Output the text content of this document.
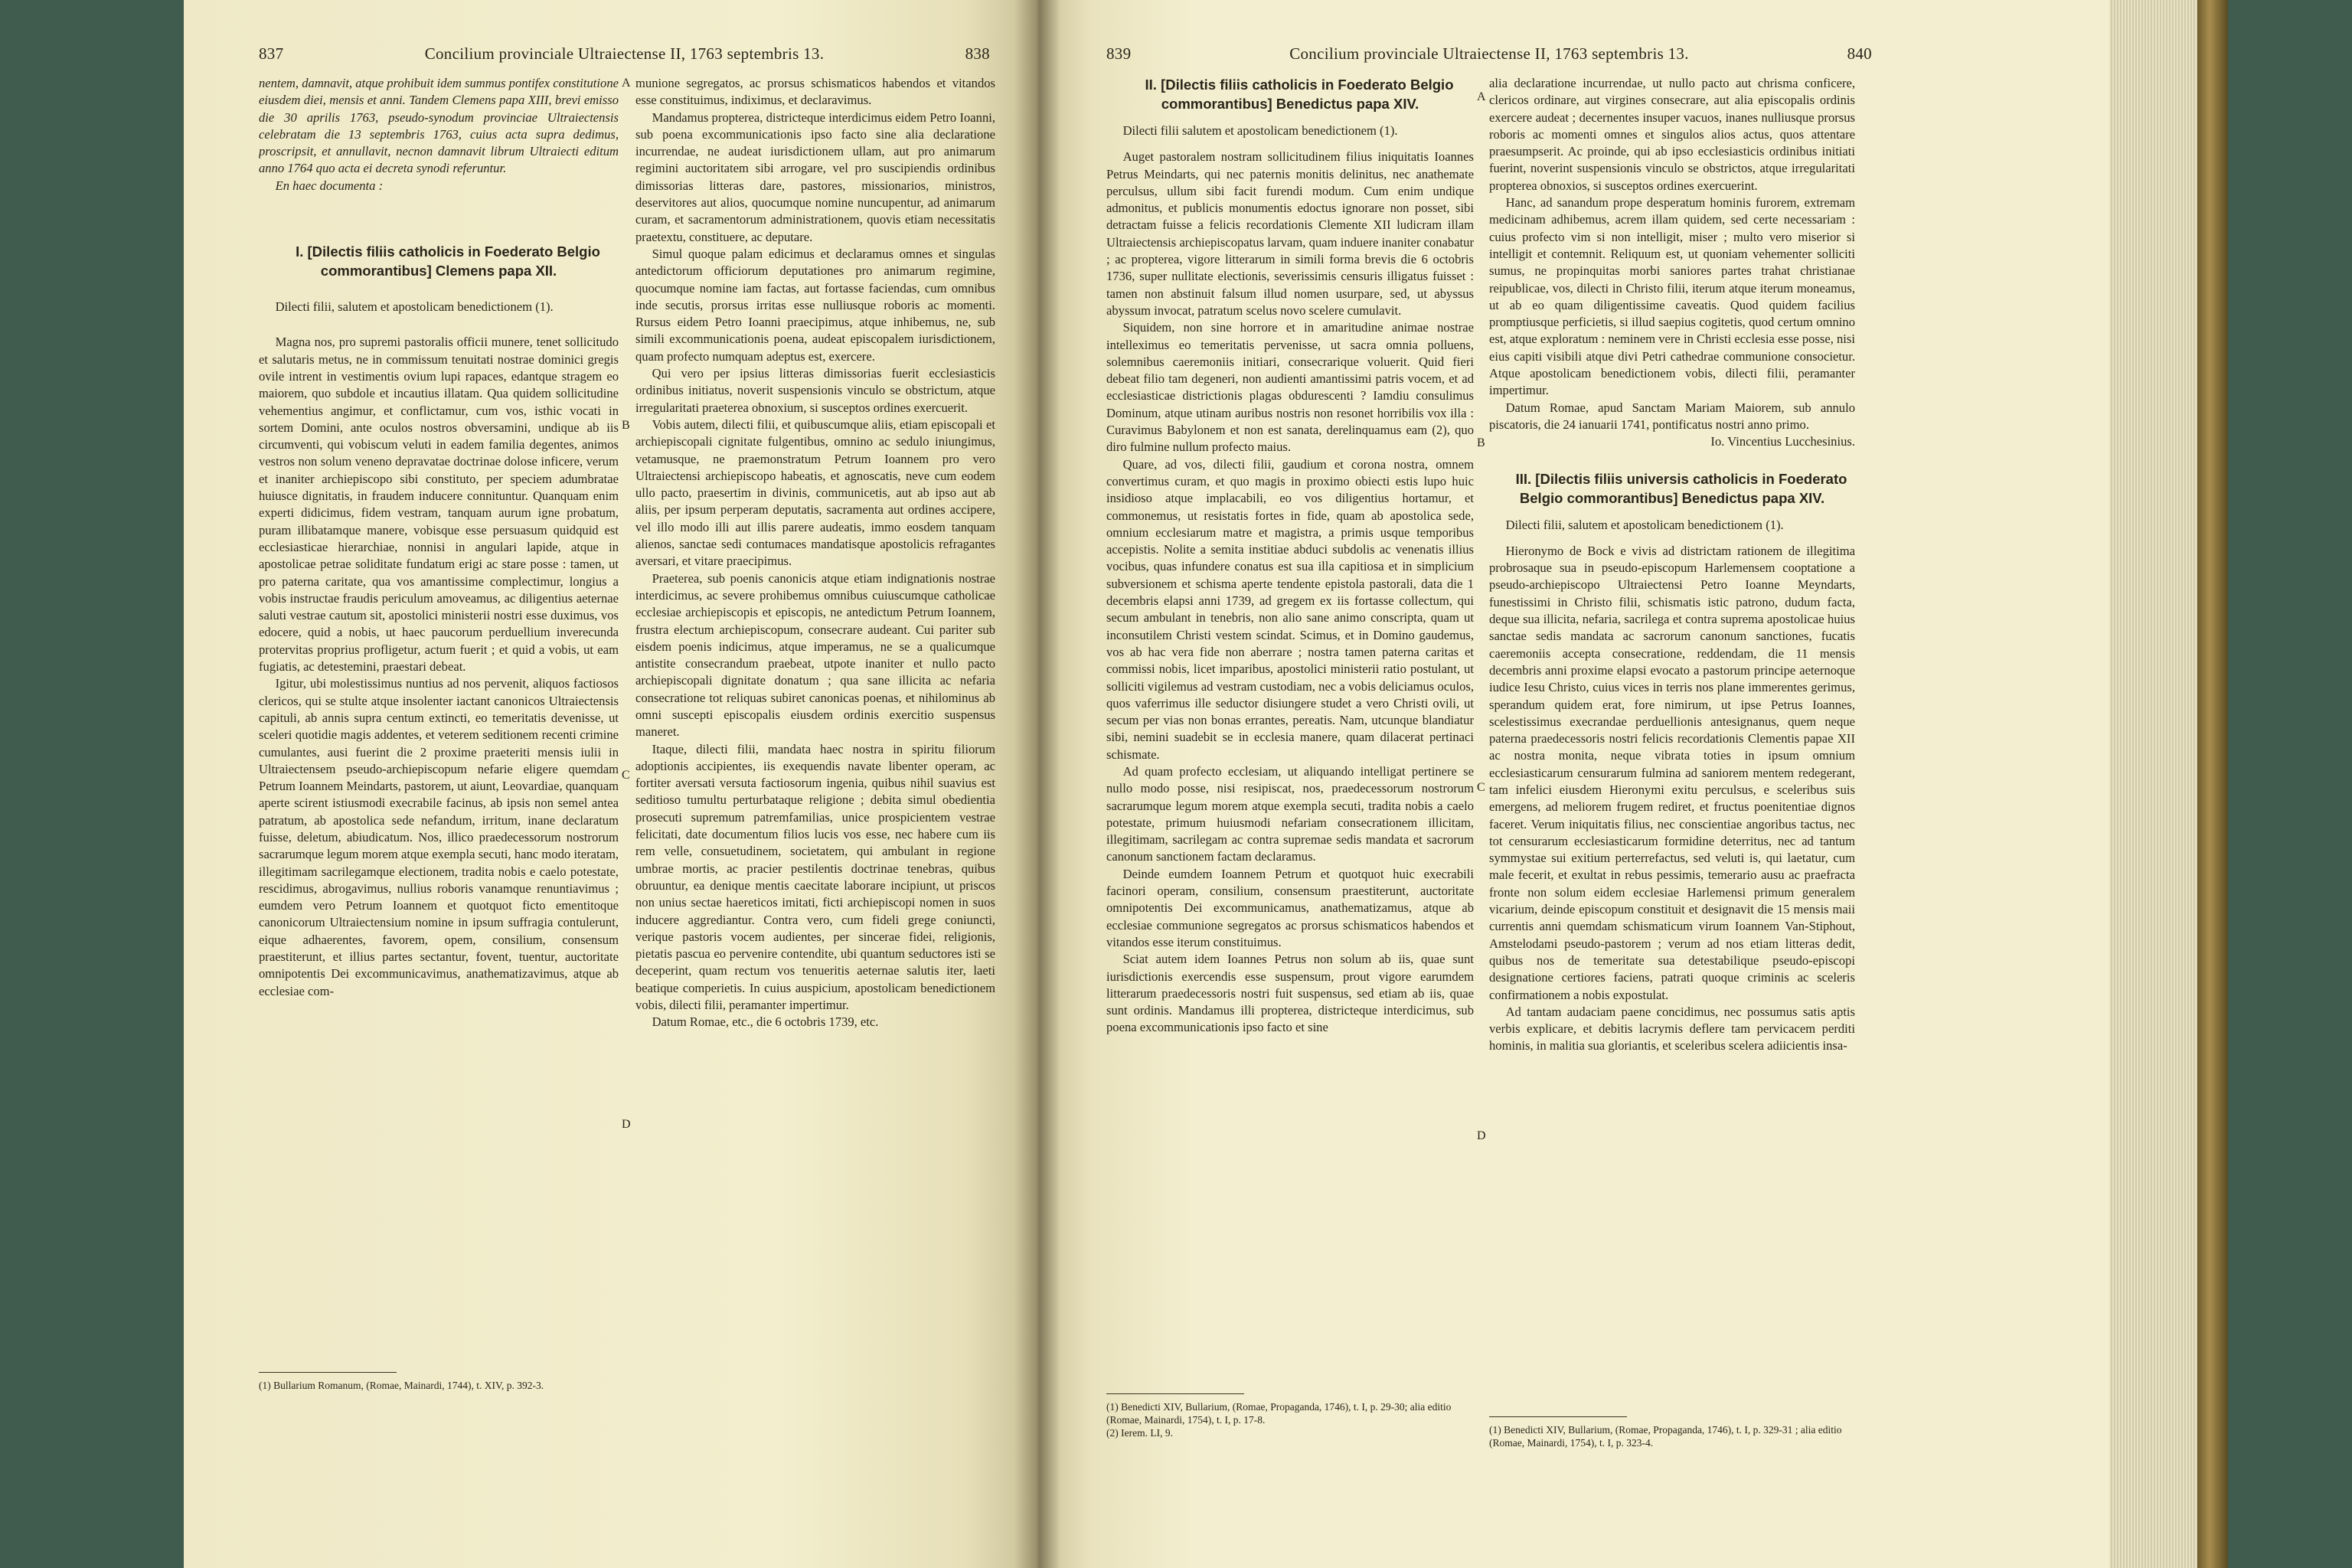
837	Concilium provinciale Ultraiectense II, 1763 septembris 13.	838	839	Concilium provinciale Ultraiectense II, 1763 septembris 13.	840

nentem, damnavit, atque prohibuit idem summus pontifex constitutione eiusdem diei, mensis et anni. Tandem Clemens papa XIII, brevi emisso die 30 aprilis 1763, pseudo-synodum provinciae Ultraiectensis celebratam die 13 septembris 1763, cuius acta supra dedimus, proscripsit, et annullavit, necnon damnavit librum Ultraiecti editum anno 1764 quo acta ei decreta synodi referuntur.

En haec documenta :

I. [Dilectis filiis catholicis in Foederato Belgio commorantibus] Clemens papa XII.

Dilecti filii, salutem et apostolicam benedictionem (1).

Magna nos, pro supremi pastoralis officii munere, tenet sollicitudo et salutaris metus, ne in commissum tenuitati nostrae dominici gregis ovile intrent in vestimentis ovium lupi rapaces, edantque stragem eo maiorem, quo subdole et incautius illatam. Qua quidem sollicitudine vehementius angimur, et conflictamur, cum vos, isthic vocati in sortem Domini, ante oculos nostros obversamini, undique ab iis circumventi, qui vobiscum veluti in eadem familia degentes, animos vestros non solum veneno depravatae doctrinae dolose inficere, verum et inaniter archiepiscopo sibi constituto, per speciem adumbratae huiusce dignitatis, in fraudem inducere connituntur. Quanquam enim experti didicimus, fidem vestram, tanquam aurum igne probatum, puram illibatamque manere, vobisque esse persuasum quidquid est ecclesiasticae hierarchiae, nonnisi in angulari lapide, atque in apostolicae petrae soliditate fundatum erigi ac stare posse : tamen, ut pro paterna caritate, qua vos amantissime complectimur, longius a vobis instructae fraudis periculum amoveamus, ac diligentius aeternae saluti vestrae cautum sit, apostolici ministerii nostri esse duximus, vos edocere, quid a nobis, ut haec paucorum perduellium inverecunda protervitas proprius profligetur, actum fuerit ; et quid a vobis, ut eam fugiatis, ac detestemini, praestari debeat.

Igitur, ubi molestissimus nuntius ad nos pervenit, aliquos factiosos clericos, qui se stulte atque insolenter iactant canonicos Ultraiectensis capituli, ab annis supra centum extincti, eo temeritatis devenisse, ut sceleri quotidie magis addentes, et veterem seditionem recenti crimine cumulantes, ausi fuerint die 2 proxime praeteriti mensis iulii in Ultraiectensem pseudo-archiepiscopum nefarie eligere quemdam Petrum Ioannem Meindarts, pastorem, ut aiunt, Leovardiae, quanquam aperte scirent istiusmodi execrabile facinus, ab ipsis non semel antea patratum, ab apostolica sede nefandum, irritum, inane declaratum fuisse, deletum, abiudicatum. Nos, illico praedecessorum nostrorum sacrarumque legum morem atque exempla secuti, hanc modo iteratam, illegitimam sacrilegamque electionem, tradita nobis e caelo potestate, rescidimus, abrogavimus, nullius roboris vanamque renuntiavimus ; eumdem vero Petrum Ioannem et quotquot ficto ementitoque canonicorum Ultraiectensium nomine in ipsum suffragia contulerunt, eique adhaerentes, favorem, opem, consilium, consensum praestiterunt, et illius partes sectantur, fovent, tuentur, auctoritate omnipotentis Dei excommunicavimus, anathematizavimus, atque ab ecclesiae com-

A
B
C
D

munione segregatos, ac prorsus schismaticos habendos et vitandos esse constituimus, indiximus, et declaravimus.

Mandamus propterea, districteque interdicimus eidem Petro Ioanni, sub poena excommunicationis ipso facto sine alia declaratione incurrendae, ne audeat iurisdictionem ullam, aut pro animarum regimini auctoritatem sibi arrogare, vel pro suscipiendis ordinibus dimissorias litteras dare, pastores, missionarios, ministros, deservitores aut alios, quocumque nomine nuncupentur, ad animarum curam, et sacramentorum administrationem, quovis etiam necessitatis praetextu, constituere, ac deputare.

Simul quoque palam edicimus et declaramus omnes et singulas antedictorum officiorum deputationes pro animarum regimine, quocumque nomine iam factas, aut fortasse faciendas, cum omnibus inde secutis, prorsus irritas esse nulliusque roboris ac momenti. Rursus eidem Petro Ioanni praecipimus, atque inhibemus, ne, sub simili excommunicationis poena, audeat episcopalem iurisdictionem, quam profecto numquam adeptus est, exercere.

Qui vero per ipsius litteras dimissorias fuerit ecclesiasticis ordinibus initiatus, noverit suspensionis vinculo se obstrictum, atque irregularitati praeterea obnoxium, si susceptos ordines exercuerit.

Vobis autem, dilecti filii, et quibuscumque aliis, etiam episcopali et archiepiscopali cignitate fulgentibus, omnino ac sedulo iniungimus, vetamusque, ne praemonstratum Petrum Ioannem pro vero Ultraiectensi archiepiscopo habeatis, et agnoscatis, neve cum eodem ullo pacto, praesertim in divinis, communicetis, aut ab ipso aut ab aliis, per ipsum perperam deputatis, sacramenta aut ordines accipere, vel illo modo illi aut illis parere audeatis, immo eosdem tanquam alienos, sanctae sedi contumaces mandatisque apostolicis refragantes aversari, et vitare praecipimus.

Praeterea, sub poenis canonicis atque etiam indignationis nostrae interdicimus, ac severe prohibemus omnibus cuiuscumque catholicae ecclesiae archiepiscopis et episcopis, ne antedictum Petrum Ioannem, frustra electum archiepiscopum, consecrare audeant. Cui pariter sub eisdem poenis indicimus, atque imperamus, ne se a qualicumque antistite consecrandum praebeat, utpote inaniter et nullo pacto archiepiscopali dignitate donatum ; qua sane illicita ac nefaria consecratione tot reliquas subiret canonicas poenas, et nihilominus ab omni suscepti episcopalis eiusdem ordinis exercitio suspensus maneret.

Itaque, dilecti filii, mandata haec nostra in spiritu filiorum adoptionis accipientes, iis exequendis navate libenter operam, ac fortiter aversati versuta factiosorum ingenia, quibus nihil suavius est seditioso tumultu perturbataque religione ; debita simul obedientia prosecuti supremum patremfamilias, unice prospicientem vestrae felicitati, date documentum filios lucis vos esse, nec habere cum iis rem velle, consuetudinem, societatem, qui ambulant in regione umbrae mortis, ac pracier pestilentis doctrinae tenebras, quibus obruuntur, ea denique mentis caecitate laborare incipiunt, ut priscos non unius sectae haereticos imitati, ficti archiepiscopi nomen in suos inducere aggrediantur. Contra vero, cum fideli grege coniuncti, verique pastoris vocem audientes, per sincerae fidei, religionis, pietatis pascua eo pervenire contendite, ubi quantum seductores isti se deceperint, quam rectum vos tenueritis aeternae salutis iter, laeti beatique comperietis. In cuius auspicium, apostolicam benedictionem vobis, dilecti filii, peramanter impertimur.

Datum Romae, etc., die 6 octobris 1739, etc.

(1) Bullarium Romanum, (Romae, Mainardi, 1744), t. XIV, p. 392-3.

II. [Dilectis filiis catholicis in Foederato Belgio commorantibus] Benedictus papa XIV.

Dilecti filii salutem et apostolicam benedictionem (1).

Auget pastoralem nostram sollicitudinem filius iniquitatis Ioannes Petrus Meindarts, qui nec paternis monitis delinitus, nec anathemate perculsus, ullum sibi facit furendi modum. Cum enim undique admonitus, et publicis monumentis edoctus ignorare non posset, sibi detractam fuisse a felicis recordationis Clemente XII ludicram illam Ultraiectensis archiepiscopatus larvam, quam induere inaniter conabatur ; ac propterea, vigore litterarum in simili forma brevis die 6 octobris 1736, super nullitate electionis, severissimis censuris illigatus fuisset : tamen non abstinuit falsum illud nomen usurpare, sed, ut abyssus abyssum invocat, patratum scelus novo scelere cumulavit.

Siquidem, non sine horrore et in amaritudine animae nostrae intelleximus eo temeritatis pervenisse, ut sacra omnia polluens, solemnibus caeremoniis initiari, consecrarique voluerit. Quid fieri debeat filio tam degeneri, non audienti amantissimi patris vocem, et ad ecclesiasticae districtionis plagas obdurescenti ? Iamdiu consulimus Dominum, atque utinam auribus nostris non resonet horribilis vox illa : Curavimus Babylonem et non est sanata, derelinquamus eam (2), quo diro fulmine nullum profecto maius.

Quare, ad vos, dilecti filii, gaudium et corona nostra, omnem convertimus curam, et quo magis in proximo obiecti estis lupo huic insidioso atque implacabili, eo vos diligentius hortamur, et commonemus, ut resistatis fortes in fide, quam ab apostolica sede, omnium ecclesiarum matre et magistra, a primis usque temporibus accepistis. Nolite a semita institiae abduci subdolis ac venenatis illius vocibus, quas infundere conatus est sua illa capitiosa et in simplicium subversionem et schisma aperte tendente epistola pastorali, data die 1 decembris elapsi anni 1739, ad gregem ex iis fortasse collectum, qui secum ambulant in tenebris, non alio sane animo conscripta, quam ut inconsutilem Christi vestem scindat. Scimus, et in Domino gaudemus, vos ab hac vera fide non aberrare ; nostra tamen paterna caritas et commissi nobis, licet imparibus, apostolici ministerii ratio postulant, ut solliciti vigilemus ad vestram custodiam, nec a vobis deliciamus oculos, quos vaferrimus ille seductor disiungere studet a vero Christi ovili, ut secum per vias non bonas errantes, pereatis. Nam, utcunque blandiatur sibi, nemini suadebit se in ecclesia manere, quam dilacerat pertinaci schismate.

Ad quam profecto ecclesiam, ut aliquando intelligat pertinere se nullo modo posse, nisi resipiscat, nos, praedecessorum nostrorum sacrarumque legum morem atque exempla secuti, tradita nobis a caelo potestate, primum huiusmodi nefariam consecrationem illicitam, illegitimam, sacrilegam ac contra supremae sedis mandata et sacrorum canonum sanctionem factam declaramus.

Deinde eumdem Ioannem Petrum et quotquot huic execrabili facinori operam, consilium, consensum praestiterunt, auctoritate omnipotentis Dei excommunicamus, anathematizamus, atque ab ecclesiae communione segregatos ac prorsus schismaticos habendos et vitandos esse iterum constituimus.

Sciat autem idem Ioannes Petrus non solum ab iis, quae sunt iurisdictionis exercendis esse suspensum, prout vigore earumdem litterarum praedecessoris nostri fuit suspensus, sed etiam ab iis, quae sunt ordinis. Mandamus illi propterea, districteque interdicimus, sub poena excommunicationis ipso facto et sine

A
B
C
D

alia declaratione incurrendae, ut nullo pacto aut chrisma conficere, clericos ordinare, aut virgines consecrare, aut alia episcopalis ordinis exercere audeat ; decernentes insuper vacuos, inanes nulliusque prorsus roboris ac momenti omnes et singulos alios actus, quos attentare praesumpserit. Ac proinde, qui ab ipso ecclesiasticis ordinibus initiati fuerint, noverint suspensionis vinculo se obstrictos, atque irregularitati propterea obnoxios, si susceptos ordines exercuerint.

Hanc, ad sanandum prope desperatum hominis furorem, extremam medicinam adhibemus, acrem illam quidem, sed certe necessariam : cuius profecto vim si non intelligit, miser ; multo vero miserior si intelligit et contemnit. Reliquum est, ut quoniam vehementer solliciti sumus, ne propinquitas morbi saniores partes trahat christianae reipublicae, vos, dilecti in Christo filii, iterum atque iterum moneamus, ut ab eo quam diligentissime caveatis. Quod quidem facilius promptiusque perficietis, si illud saepius cogitetis, quod certum omnino est, atque exploratum : neminem vere in Christi ecclesia esse posse, nisi eius capiti visibili atque divi Petri cathedrae communione consocietur. Atque apostolicam benedictionem vobis, dilecti filii, peramanter impertimur.

Datum Romae, apud Sanctam Mariam Maiorem, sub annulo piscatoris, die 24 ianuarii 1741, pontificatus nostri anno primo.

Io. Vincentius Lucchesinius.

III. [Dilectis filiis universis catholicis in Foederato Belgio commorantibus] Benedictus papa XIV.

Dilecti filii, salutem et apostolicam benedictionem (1).

Hieronymo de Bock e vivis ad districtam rationem de illegitima probrosaque sua in pseudo-episcopum Harlemensem cooptatione a pseudo-archiepiscopo Ultraiectensi Petro Ioanne Meyndarts, funestissimi in Christo filii, schismatis istic patrono, dudum facta, deque sua illicita, nefaria, sacrilega et contra suprema apostolicae huius sanctae sedis mandata ac sacrorum canonum sanctiones, fucatis caeremoniis accepta consecratione, reddendam, die 11 mensis decembris anni proxime elapsi evocato a pastorum principe aeternoque iudice Iesu Christo, cuius vices in terris nos plane immerentes gerimus, sperandum quidem erat, fore nimirum, ut ipse Petrus Ioannes, scelestissimus execrandae perduellionis antesignanus, quem neque paterna praedecessoris nostri felicis recordationis Clementis papae XII ac nostra monita, neque vibrata toties in ipsum omnium ecclesiasticarum censurarum fulmina ad saniorem mentem redegerant, tam infelici eiusdem Hieronymi exitu perculsus, e sceleribus suis emergens, ad meliorem frugem rediret, et fructus poenitentiae dignos faceret. Verum iniquitatis filius, nec conscientiae angoribus tactus, nec tot censurarum ecclesiasticarum formidine deterritus, nec ad tantum symmystae sui exitium perterrefactus, sed veluti is, qui laetatur, cum male fecerit, et exultat in rebus pessimis, temerario ausu ac praefracta fronte non solum eidem ecclesiae Harlemensi primum generalem vicarium, deinde episcopum constituit et designavit die 15 mensis maii currentis anni quemdam schismaticum virum Ioannem Van-Stiphout, Amstelodami pseudo-pastorem ; verum ad nos etiam litteras dedit, quibus nos de temeritate sua detestabilique pseudo-episcopi designatione certiores faciens, patrati quoque criminis ac sceleris confirmationem a nobis expostulat.

Ad tantam audaciam paene concidimus, nec possumus satis aptis verbis explicare, et debitis lacrymis deflere tam pervicacem perditi hominis, in malitia sua gloriantis, et sceleribus scelera adiicientis insa-

(1) Benedicti XIV, Bullarium, (Romae, Propaganda, 1746), t. I, p. 29-30; alia editio (Romae, Mainardi, 1754), t. I, p. 17-8.

(2) Ierem. LI, 9.	(1) Benedicti XIV, Bullarium, (Romae, Propaganda, 1746), t. I, p. 329-31 ; alia editio (Romae, Mainardi, 1754), t. I, p. 323-4.
